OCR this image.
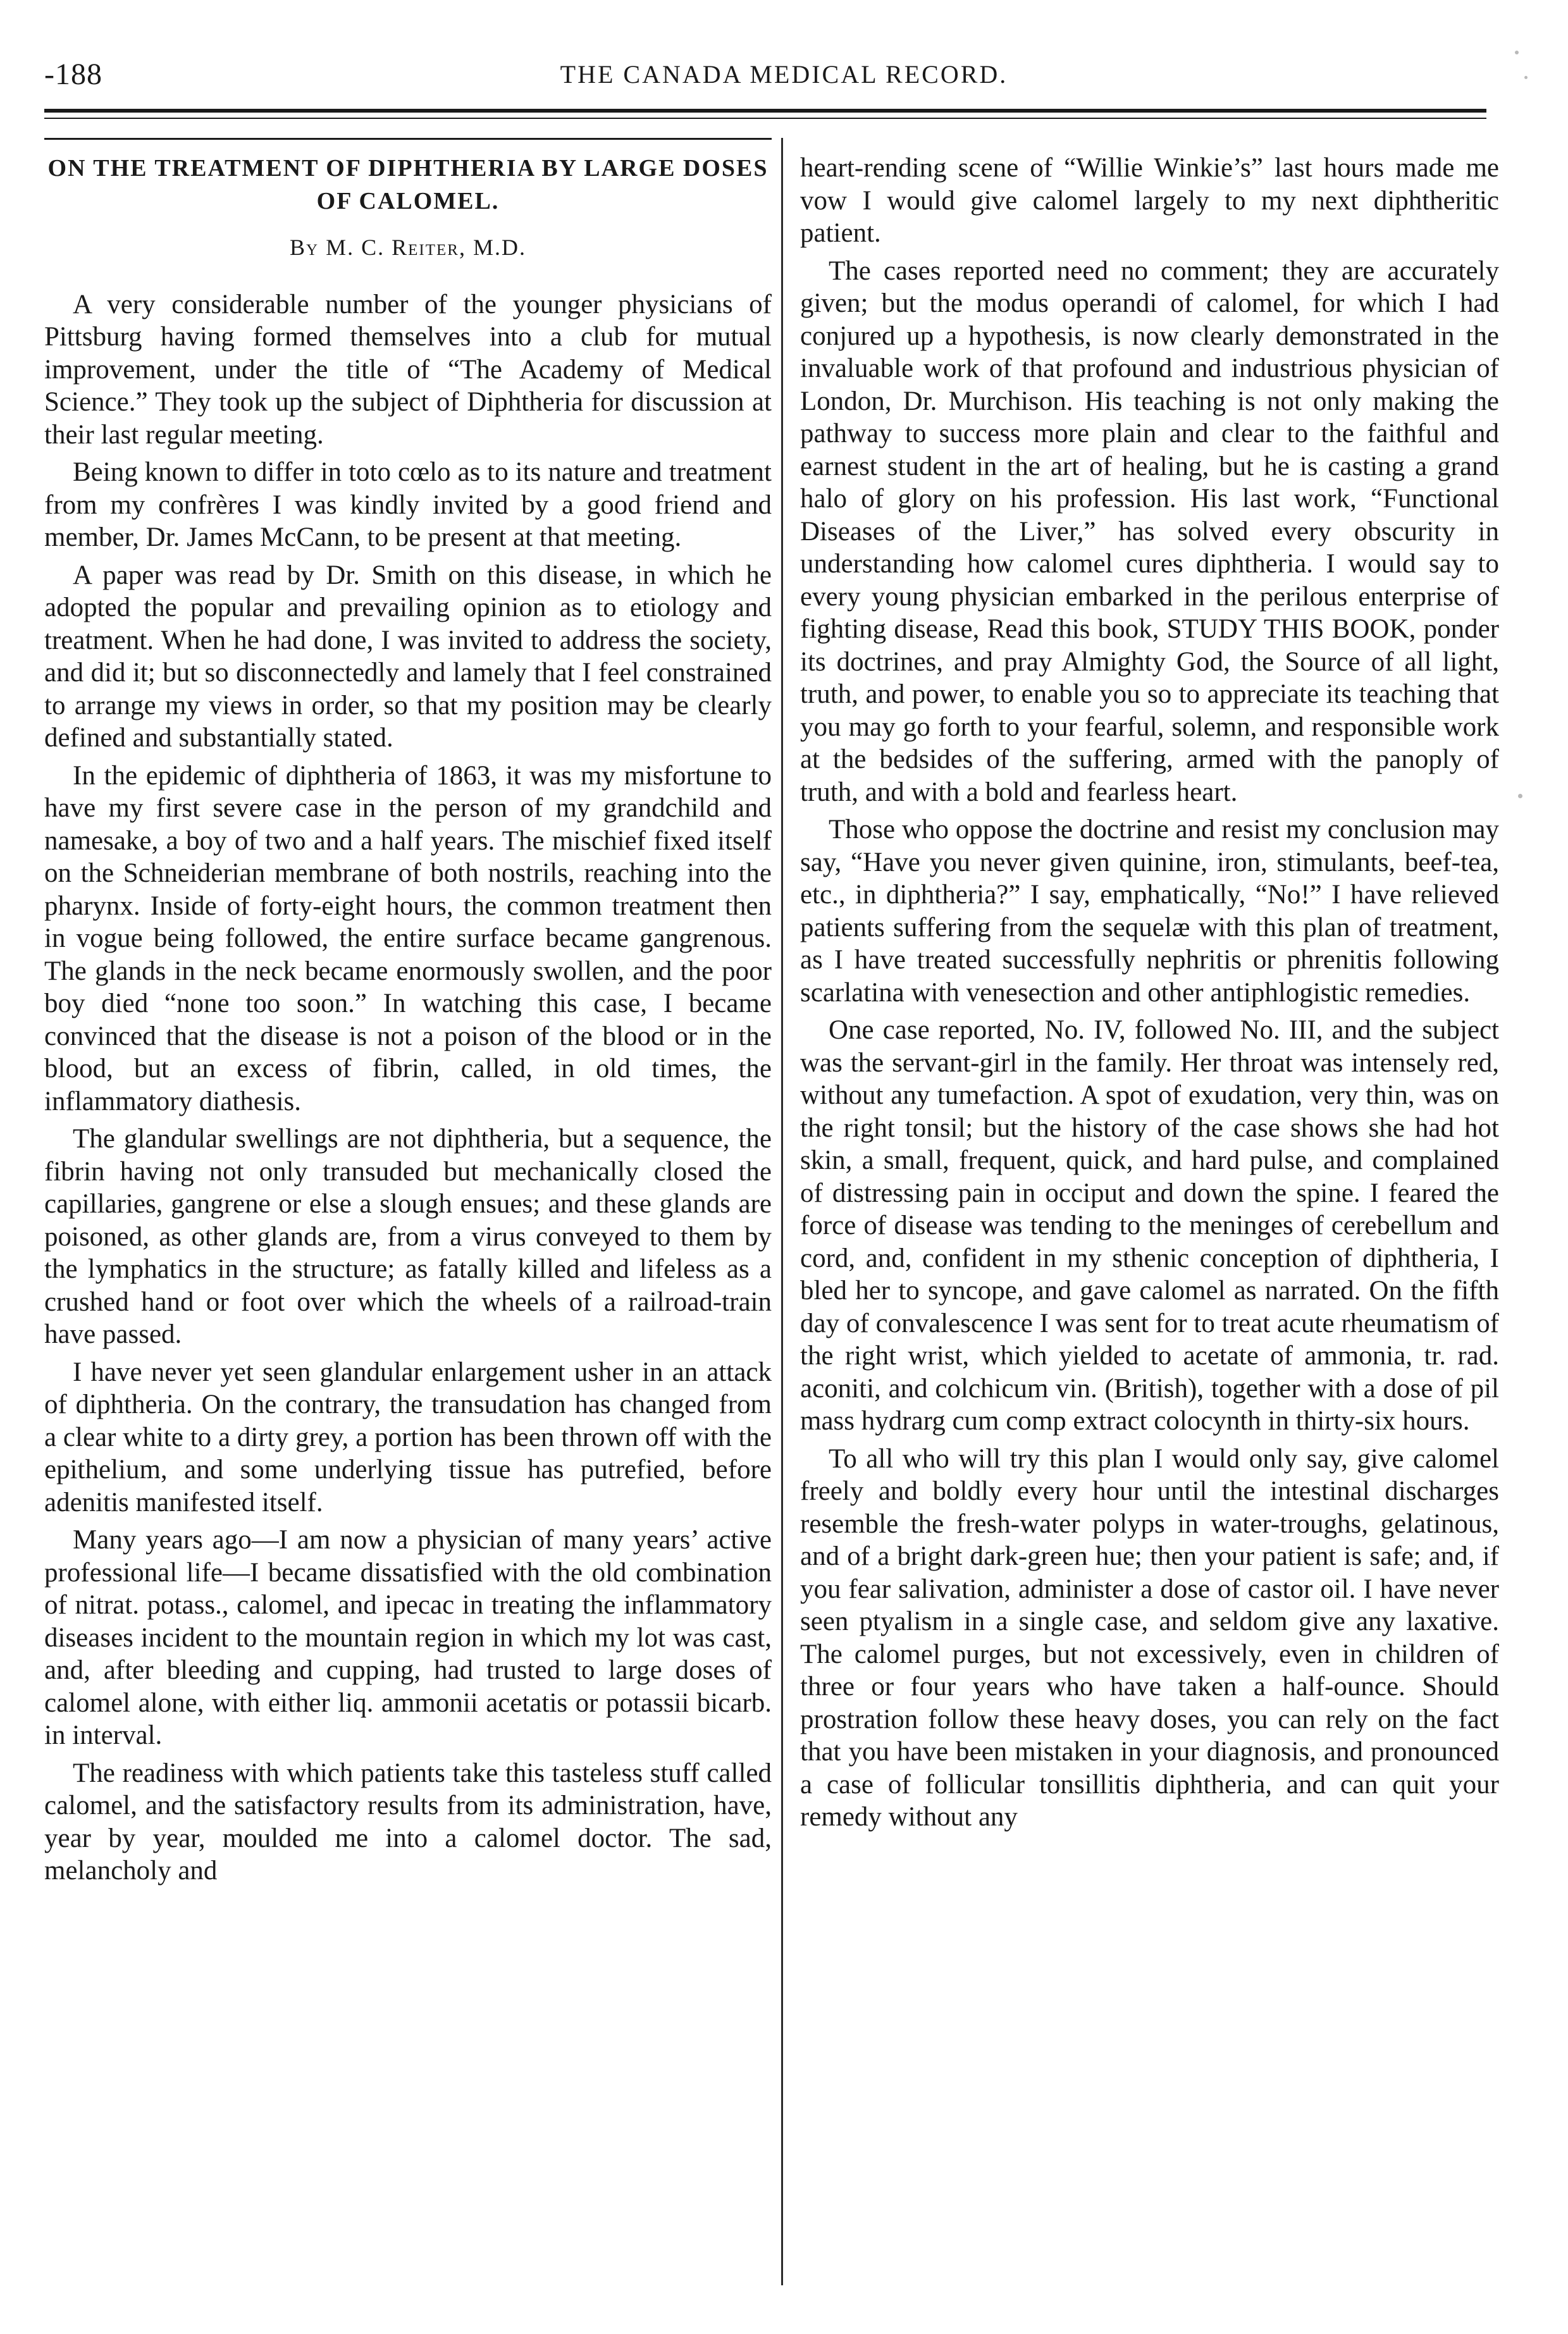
-188	THE CANADA MEDICAL RECORD.
ON THE TREATMENT OF DIPHTHERIA BY LARGE DOSES OF CALOMEL.
By M. C. Reiter, M.D.

A very considerable number of the younger physicians of Pittsburg having formed themselves into a club for mutual improvement, under the title of “The Academy of Medical Science.” They took up the subject of Diphtheria for discussion at their last regular meeting.

Being known to differ in toto cœlo as to its nature and treatment from my confrères I was kindly invited by a good friend and member, Dr. James McCann, to be present at that meeting.

A paper was read by Dr. Smith on this disease, in which he adopted the popular and prevailing opinion as to etiology and treatment. When he had done, I was invited to address the society, and did it; but so disconnectedly and lamely that I feel constrained to arrange my views in order, so that my position may be clearly defined and substantially stated.

In the epidemic of diphtheria of 1863, it was my misfortune to have my first severe case in the person of my grandchild and namesake, a boy of two and a half years. The mischief fixed itself on the Schneiderian membrane of both nostrils, reaching into the pharynx. Inside of forty-eight hours, the common treatment then in vogue being followed, the entire surface became gangrenous. The glands in the neck became enormously swollen, and the poor boy died “none too soon.” In watching this case, I became convinced that the disease is not a poison of the blood or in the blood, but an excess of fibrin, called, in old times, the inflammatory diathesis.

The glandular swellings are not diphtheria, but a sequence, the fibrin having not only transuded but mechanically closed the capillaries, gangrene or else a slough ensues; and these glands are poisoned, as other glands are, from a virus conveyed to them by the lymphatics in the structure; as fatally killed and lifeless as a crushed hand or foot over which the wheels of a railroad-train have passed.

I have never yet seen glandular enlargement usher in an attack of diphtheria. On the contrary, the transudation has changed from a clear white to a dirty grey, a portion has been thrown off with the epithelium, and some underlying tissue has putrefied, before adenitis manifested itself.

Many years ago—I am now a physician of many years’ active professional life—I became dissatisfied with the old combination of nitrat. potass., calomel, and ipecac in treating the inflammatory diseases incident to the mountain region in which my lot was cast, and, after bleeding and cupping, had trusted to large doses of calomel alone, with either liq. ammonii acetatis or potassii bicarb. in interval.

The readiness with which patients take this tasteless stuff called calomel, and the satisfactory results from its administration, have, year by year, moulded me into a calomel doctor. The sad, melancholy and

heart-rending scene of “Willie Winkie’s” last hours made me vow I would give calomel largely to my next diphtheritic patient.

The cases reported need no comment; they are accurately given; but the modus operandi of calomel, for which I had conjured up a hypothesis, is now clearly demonstrated in the invaluable work of that profound and industrious physician of London, Dr. Murchison. His teaching is not only making the pathway to success more plain and clear to the faithful and earnest student in the art of healing, but he is casting a grand halo of glory on his profession. His last work, “Functional Diseases of the Liver,” has solved every obscurity in understanding how calomel cures diphtheria. I would say to every young physician embarked in the perilous enterprise of fighting disease, Read this book, STUDY THIS BOOK, ponder its doctrines, and pray Almighty God, the Source of all light, truth, and power, to enable you so to appreciate its teaching that you may go forth to your fearful, solemn, and responsible work at the bedsides of the suffering, armed with the panoply of truth, and with a bold and fearless heart.

Those who oppose the doctrine and resist my conclusion may say, “Have you never given quinine, iron, stimulants, beef-tea, etc., in diphtheria?” I say, emphatically, “No!” I have relieved patients suffering from the sequelæ with this plan of treatment, as I have treated successfully nephritis or phrenitis following scarlatina with venesection and other antiphlogistic remedies.

One case reported, No. IV, followed No. III, and the subject was the servant-girl in the family. Her throat was intensely red, without any tumefaction. A spot of exudation, very thin, was on the right tonsil; but the history of the case shows she had hot skin, a small, frequent, quick, and hard pulse, and complained of distressing pain in occiput and down the spine. I feared the force of disease was tending to the meninges of cerebellum and cord, and, confident in my sthenic conception of diphtheria, I bled her to syncope, and gave calomel as narrated. On the fifth day of convalescence I was sent for to treat acute rheumatism of the right wrist, which yielded to acetate of ammonia, tr. rad. aconiti, and colchicum vin. (British), together with a dose of pil mass hydrarg cum comp extract colocynth in thirty-six hours.

To all who will try this plan I would only say, give calomel freely and boldly every hour until the intestinal discharges resemble the fresh-water polyps in water-troughs, gelatinous, and of a bright dark-green hue; then your patient is safe; and, if you fear salivation, administer a dose of castor oil. I have never seen ptyalism in a single case, and seldom give any laxative. The calomel purges, but not excessively, even in children of three or four years who have taken a half-ounce. Should prostration follow these heavy doses, you can rely on the fact that you have been mistaken in your diagnosis, and pronounced a case of follicular tonsillitis diphtheria, and can quit your remedy without any
